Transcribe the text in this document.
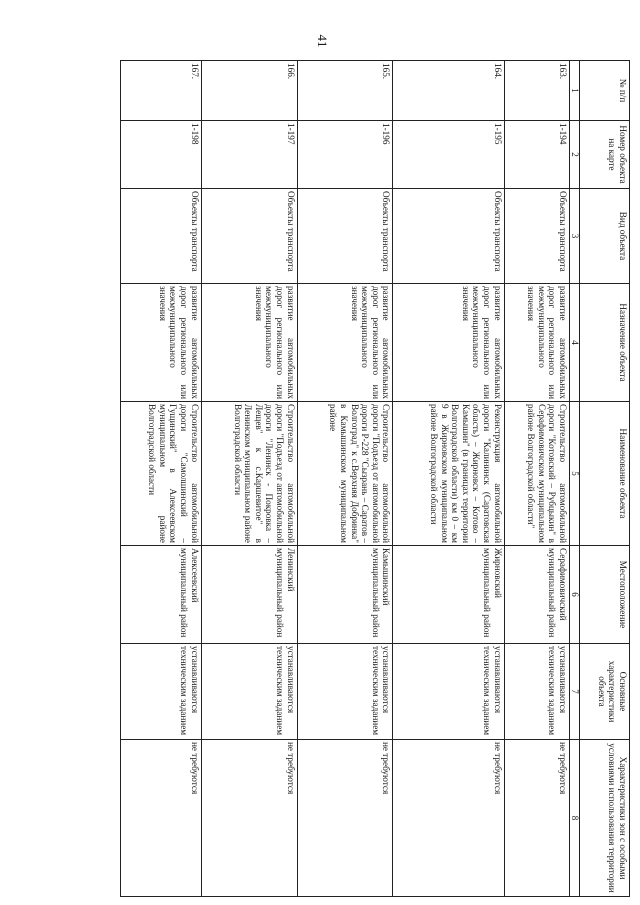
41
№ п/п	Номер объекта на карте	Вид объекта	Назначение объекта	Наименование объекта	Местоположение	Основные характеристики объекта	Характеристики зон с особыми условиями использования территории
1	2	3	4	5	6	7	8
163.	1-194	Объекты транспорта	развитие автомобильных дорог регионального или межмуниципального значения	Строительство автомобильной дороги "Котовский – Рубцыкин" в Серафимовичском муниципальном районе Волгоградской области"	Серафимовичский муниципальный район	устанавливаются техническим заданием	не требуются
164.	1-195	Объекты транспорта	развитие автомобильных дорог регионального или межмуниципального значения	Реконструкция автомобильной дороги "Калининск (Саратовская область) – Жирновск – Котово – Камышин" (в границах территории Волгоградской области) км 0 – км 9 в Жирновском муниципальном районе Волгоградской области	Жирновский муниципальный район	устанавливаются техническим заданием	не требуются
165.	1-196	Объекты транспорта	развитие автомобильных дорог регионального или межмуниципального значения	Строительство автомобильной дороги "Подъезд от автомобильной дороги Р-228 "Сызрань – Саратов – Волгоград" к с.Верхняя Добринка" в Камышинском муниципальном районе	Камышинский муниципальный район	устанавливаются техническим заданием	не требуются
166.	1-197	Объекты транспорта	развитие автомобильных дорог регионального или межмуниципального значения	Строительство автомобильной дороги "Подъезд от автомобильной дороги "Ленинск - Покровка – Лещев" к с.Каршевитое" в Ленинском муниципальном районе Волгоградской области	Ленинский муниципальный район	устанавливаются техническим заданием	не требуются
167.	1-198	Объекты транспорта	развитие автомобильных дорог регионального или межмуниципального значения	Строительство автомобильной дороги "Самолшинский – Гущинский" в Алексеевском муниципальном районе Волгоградской области	Алексеевский муниципальный район	устанавливаются техническим заданием	не требуются
